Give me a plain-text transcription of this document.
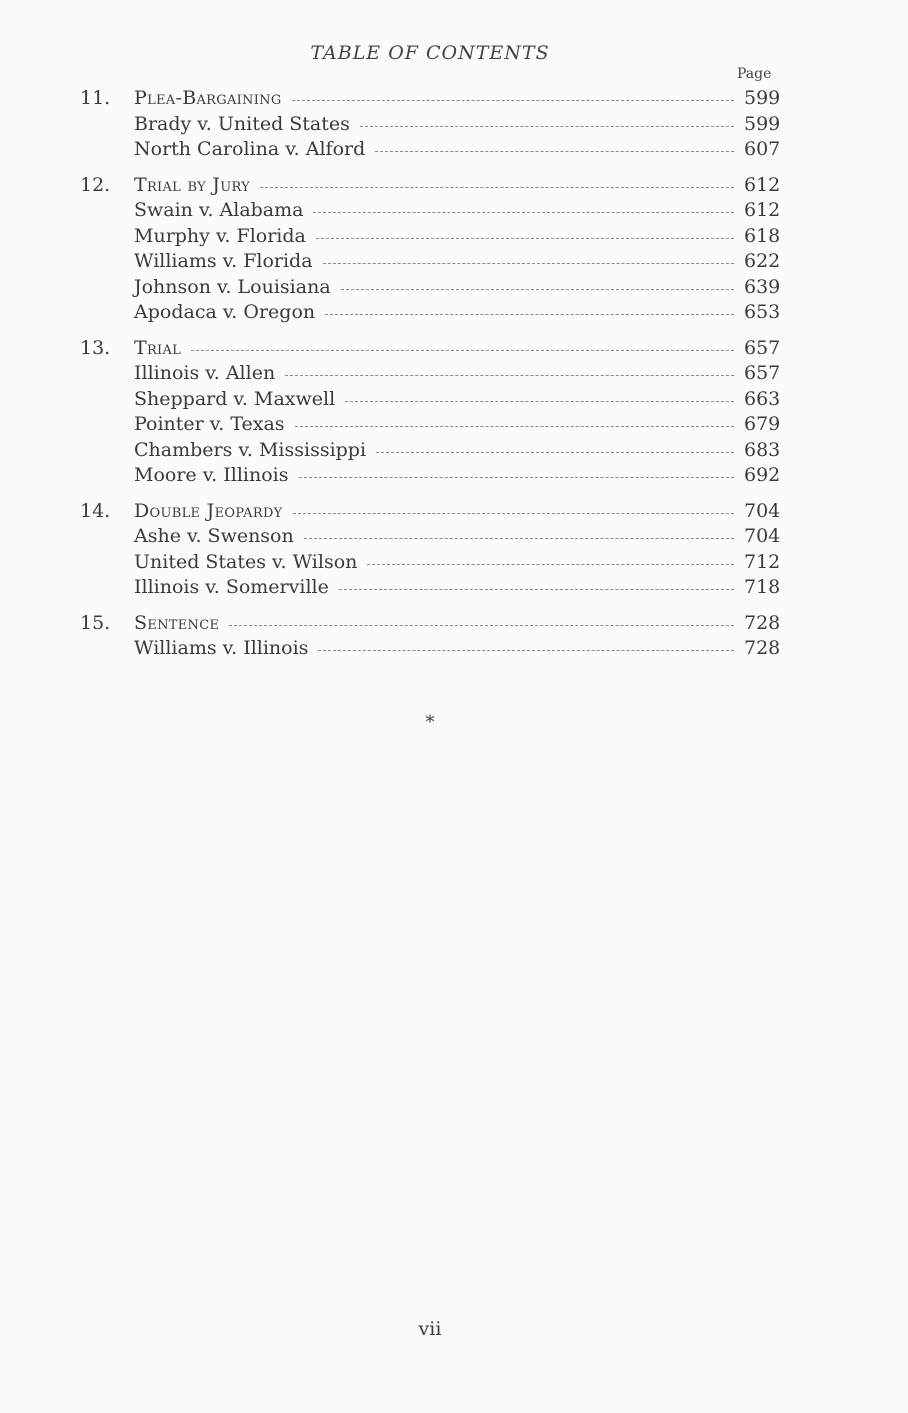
TABLE OF CONTENTS
Page
11.	Plea-Bargaining	599
Brady v. United States	599
North Carolina v. Alford	607
12.	Trial by Jury	612
Swain v. Alabama	612
Murphy v. Florida	618
Williams v. Florida	622
Johnson v. Louisiana	639
Apodaca v. Oregon	653
13.	Trial	657
Illinois v. Allen	657
Sheppard v. Maxwell	663
Pointer v. Texas	679
Chambers v. Mississippi	683
Moore v. Illinois	692
14.	Double Jeopardy	704
Ashe v. Swenson	704
United States v. Wilson	712
Illinois v. Somerville	718
15.	Sentence	728
Williams v. Illinois	728
*
vii
